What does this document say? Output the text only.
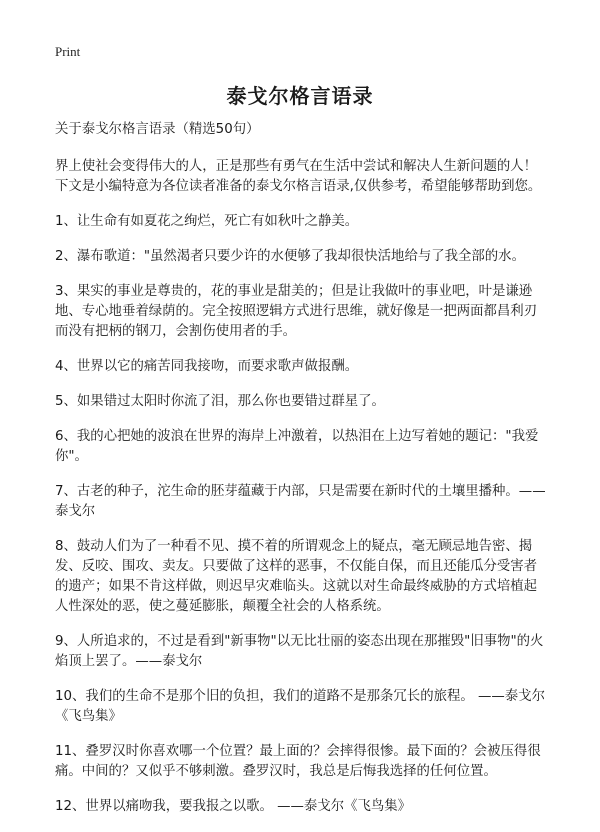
Print
泰戈尔格言语录

关于泰戈尔格言语录（精选50句）

界上使社会变得伟大的人，正是那些有勇气在生活中尝试和解决人生新问题的人！下文是小编特意为各位读者准备的泰戈尔格言语录,仅供参考，希望能够帮助到您。

1、让生命有如夏花之绚烂，死亡有如秋叶之静美。

2、瀑布歌道："虽然渴者只要少许的水便够了我却很快活地给与了我全部的水。

3、果实的事业是尊贵的，花的事业是甜美的；但是让我做叶的事业吧，叶是谦逊地、专心地垂着绿荫的。完全按照逻辑方式进行思维，就好像是一把两面都昌利刃而没有把柄的钢刀，会割伤使用者的手。

4、世界以它的痛苦同我接吻，而要求歌声做报酬。

5、如果错过太阳时你流了泪，那么你也要错过群星了。

6、我的心把她的波浪在世界的海岸上冲激着，以热泪在上边写着她的题记："我爱你"。

7、古老的种子，沱生命的胚芽蕴藏于内部，只是需要在新时代的土壤里播种。——泰戈尔

8、鼓动人们为了一种看不见、摸不着的所谓观念上的疑点，毫无顾忌地告密、揭发、反咬、围攻、卖友。只要做了这样的恶事，不仅能自保，而且还能瓜分受害者的遗产；如果不肯这样做，则迟早灾难临头。这就以对生命最终威胁的方式培植起人性深处的恶，使之蔓延膨胀，颠覆全社会的人格系统。

9、人所追求的，不过是看到"新事物"以无比壮丽的姿态出现在那摧毁"旧事物"的火焰顶上罢了。——泰戈尔

10、我们的生命不是那个旧的负担，我们的道路不是那条冗长的旅程。 ——泰戈尔《飞鸟集》

11、叠罗汉时你喜欢哪一个位置？最上面的？会摔得很惨。最下面的？会被压得很痛。中间的？又似乎不够刺激。叠罗汉时，我总是后悔我选择的任何位置。

12、世界以痛吻我，要我报之以歌。 ——泰戈尔《飞鸟集》
